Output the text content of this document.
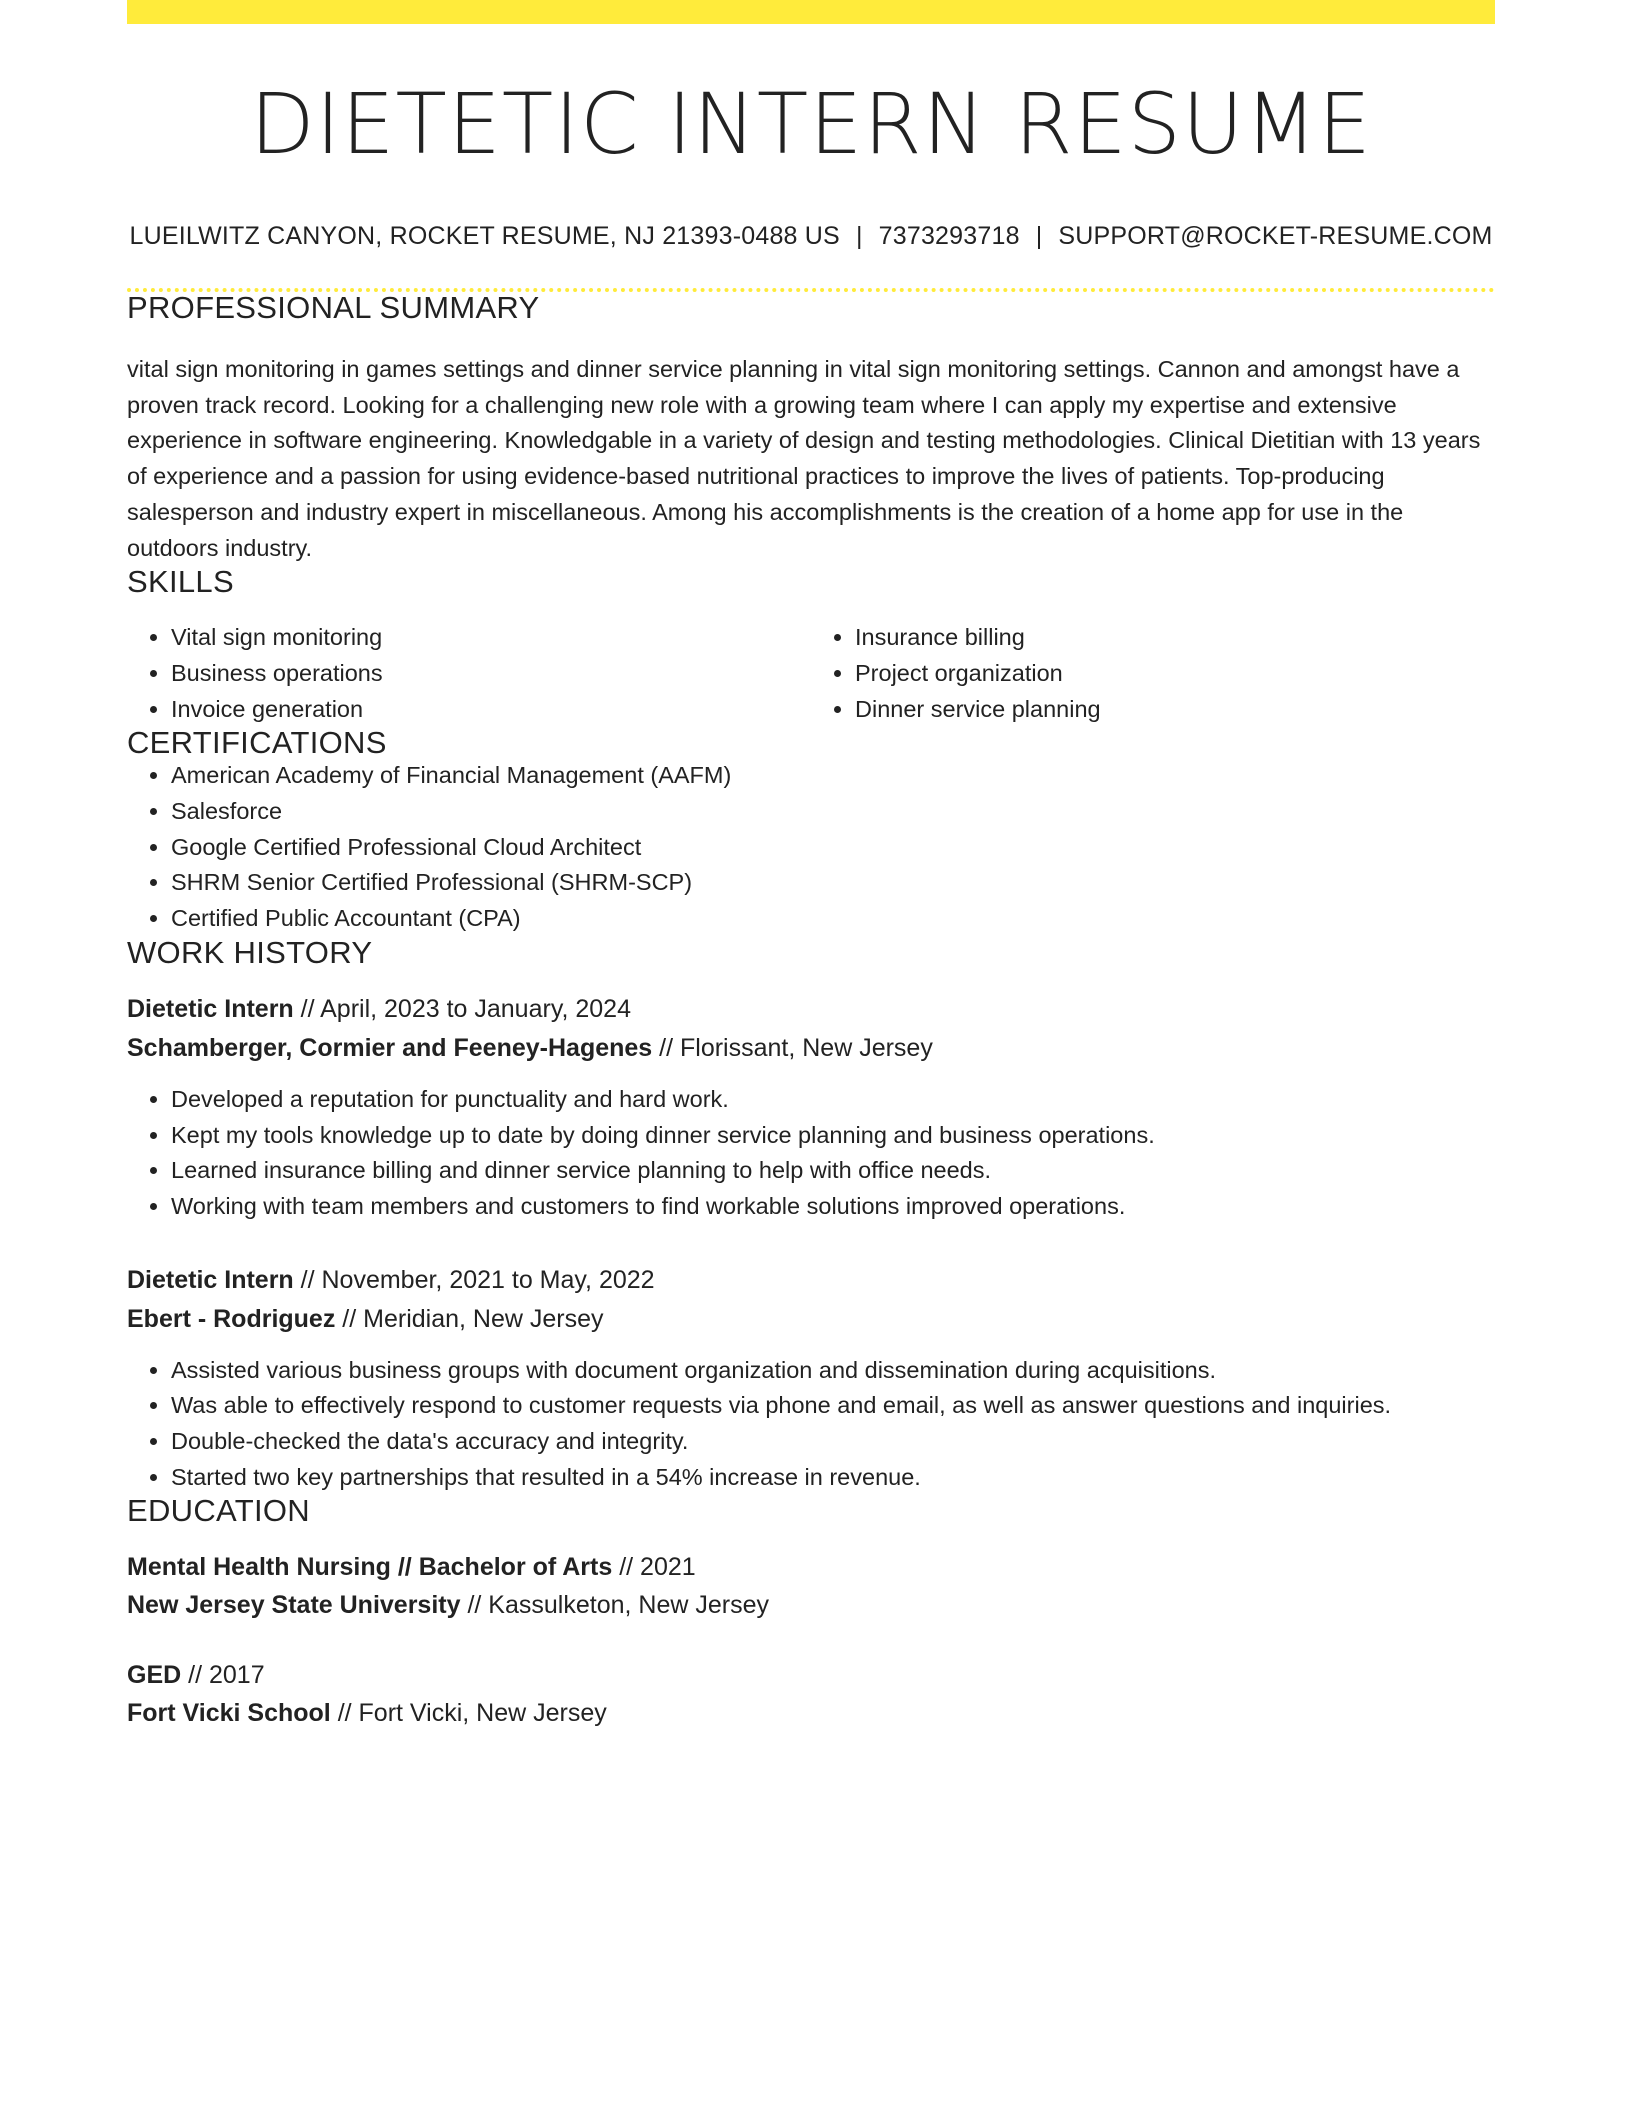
DIETETIC INTERN RESUME
LUEILWITZ CANYON, ROCKET RESUME, NJ 21393-0488 US | 7373293718 | SUPPORT@ROCKET-RESUME.COM
PROFESSIONAL SUMMARY

vital sign monitoring in games settings and dinner service planning in vital sign monitoring settings. Cannon and amongst have a proven track record. Looking for a challenging new role with a growing team where I can apply my expertise and extensive experience in software engineering. Knowledgable in a variety of design and testing methodologies. Clinical Dietitian with 13 years of experience and a passion for using evidence-based nutritional practices to improve the lives of patients. Top-producing salesperson and industry expert in miscellaneous. Among his accomplishments is the creation of a home app for use in the outdoors industry.

SKILLS
• Vital sign monitoring
• Business operations
• Invoice generation
• Insurance billing
• Project organization
• Dinner service planning
CERTIFICATIONS
• American Academy of Financial Management (AAFM)
• Salesforce
• Google Certified Professional Cloud Architect
• SHRM Senior Certified Professional (SHRM-SCP)
• Certified Public Accountant (CPA)
WORK HISTORY
Dietetic Intern // April, 2023 to January, 2024
Schamberger, Cormier and Feeney-Hagenes // Florissant, New Jersey
• Developed a reputation for punctuality and hard work.
• Kept my tools knowledge up to date by doing dinner service planning and business operations.
• Learned insurance billing and dinner service planning to help with office needs.
• Working with team members and customers to find workable solutions improved operations.
Dietetic Intern // November, 2021 to May, 2022
Ebert - Rodriguez // Meridian, New Jersey
• Assisted various business groups with document organization and dissemination during acquisitions.
• Was able to effectively respond to customer requests via phone and email, as well as answer questions and inquiries.
• Double-checked the data's accuracy and integrity.
• Started two key partnerships that resulted in a 54% increase in revenue.
EDUCATION
Mental Health Nursing // Bachelor of Arts // 2021
New Jersey State University // Kassulketon, New Jersey
GED // 2017
Fort Vicki School // Fort Vicki, New Jersey
